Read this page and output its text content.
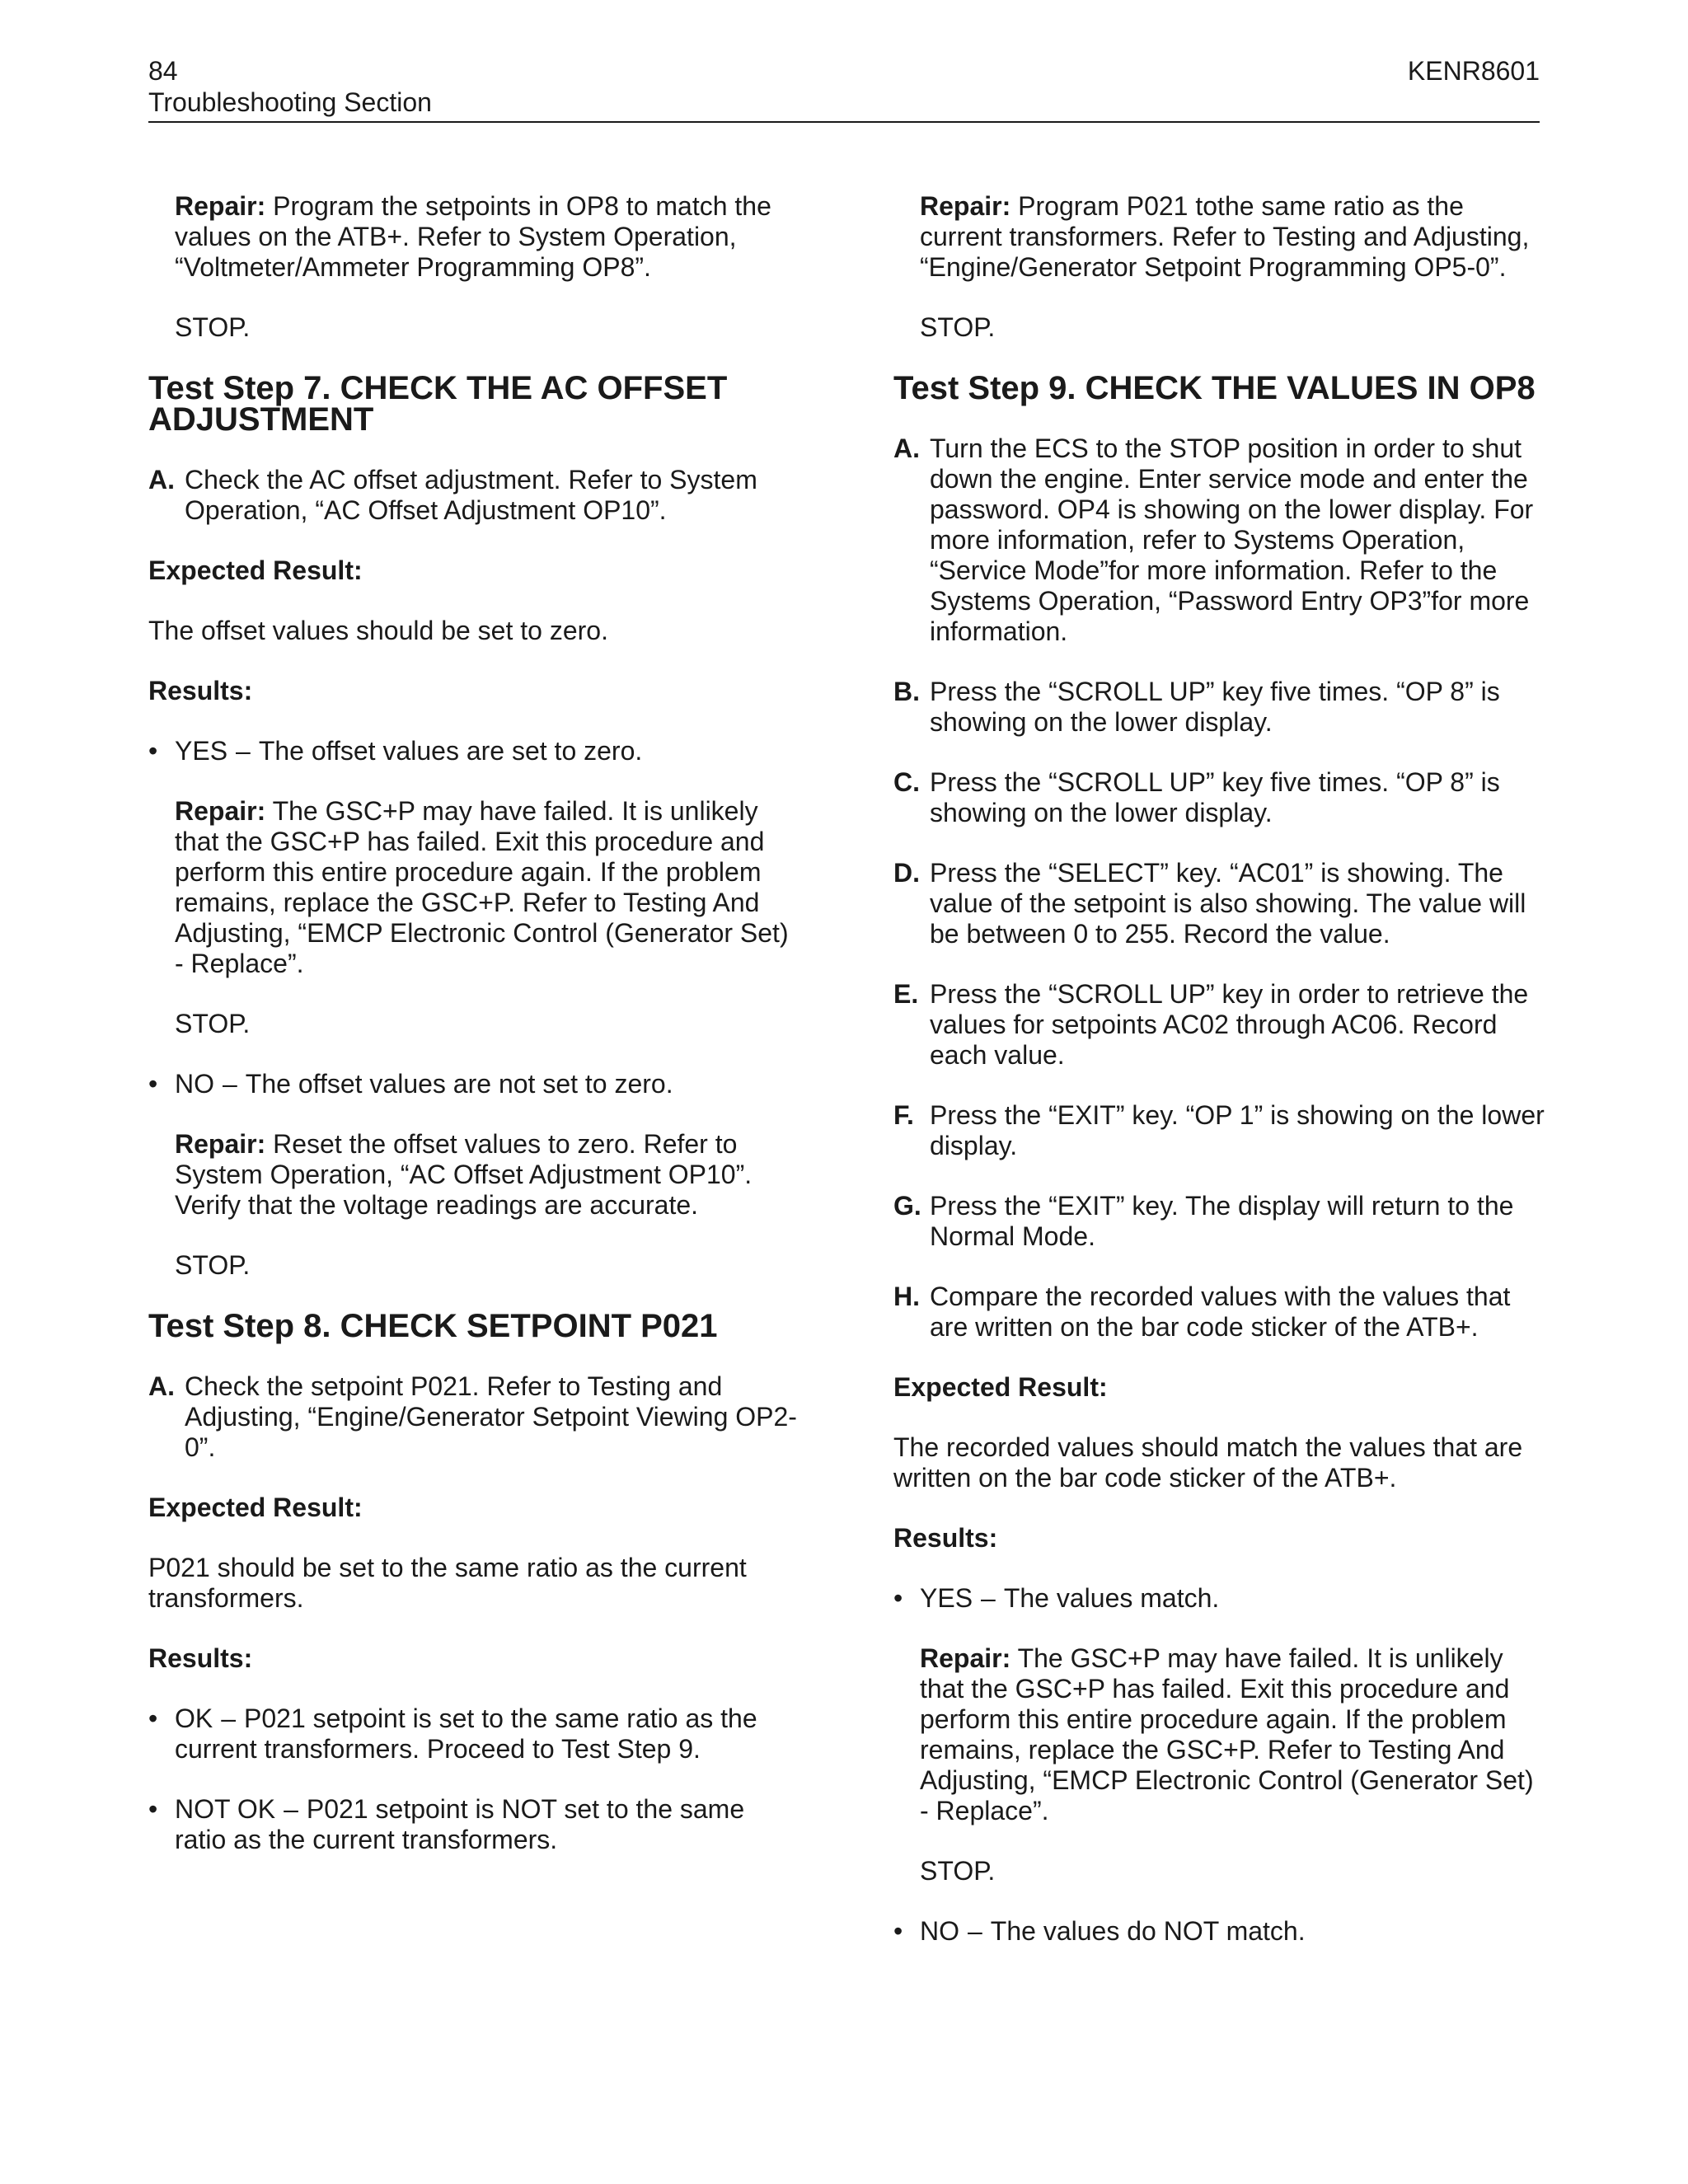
84	KENR8601
Troubleshooting Section

Repair: Program the setpoints in OP8 to match the values on the ATB+. Refer to System Operation, “Voltmeter/Ammeter Programming OP8”.

STOP.

Test Step 7. CHECK THE AC OFFSET ADJUSTMENT
A. Check the AC offset adjustment. Refer to System Operation, “AC Offset Adjustment OP10”.

Expected Result:

The offset values should be set to zero.

Results:

• YES – The offset values are set to zero.

Repair: The GSC+P may have failed. It is unlikely that the GSC+P has failed. Exit this procedure and perform this entire procedure again. If the problem remains, replace the GSC+P. Refer to Testing And Adjusting, “EMCP Electronic Control (Generator Set) - Replace”.

STOP.

• NO – The offset values are not set to zero.

Repair: Reset the offset values to zero. Refer to System Operation, “AC Offset Adjustment OP10”. Verify that the voltage readings are accurate.

STOP.

Test Step 8. CHECK SETPOINT P021
A. Check the setpoint P021. Refer to Testing and Adjusting, “Engine/Generator Setpoint Viewing OP2-0”.

Expected Result:

P021 should be set to the same ratio as the current transformers.

Results:

• OK – P021 setpoint is set to the same ratio as the current transformers. Proceed to Test Step 9.
• NOT OK – P021 setpoint is NOT set to the same ratio as the current transformers.

Repair: Program P021 tothe same ratio as the current transformers. Refer to Testing and Adjusting, “Engine/Generator Setpoint Programming OP5-0”.

STOP.

Test Step 9. CHECK THE VALUES IN OP8
A. Turn the ECS to the STOP position in order to shut down the engine. Enter service mode and enter the password. OP4 is showing on the lower display. For more information, refer to Systems Operation, “Service Mode”for more information. Refer to the Systems Operation, “Password Entry OP3”for more information.
B. Press the “SCROLL UP” key five times. “OP 8” is showing on the lower display.
C. Press the “SCROLL UP” key five times. “OP 8” is showing on the lower display.
D. Press the “SELECT” key. “AC01” is showing. The value of the setpoint is also showing. The value will be between 0 to 255. Record the value.
E. Press the “SCROLL UP” key in order to retrieve the values for setpoints AC02 through AC06. Record each value.
F. Press the “EXIT” key. “OP 1” is showing on the lower display.
G. Press the “EXIT” key. The display will return to the Normal Mode.
H. Compare the recorded values with the values that are written on the bar code sticker of the ATB+.

Expected Result:

The recorded values should match the values that are written on the bar code sticker of the ATB+.

Results:

• YES – The values match.

Repair: The GSC+P may have failed. It is unlikely that the GSC+P has failed. Exit this procedure and perform this entire procedure again. If the problem remains, replace the GSC+P. Refer to Testing And Adjusting, “EMCP Electronic Control (Generator Set) - Replace”.

STOP.

• NO – The values do NOT match.
